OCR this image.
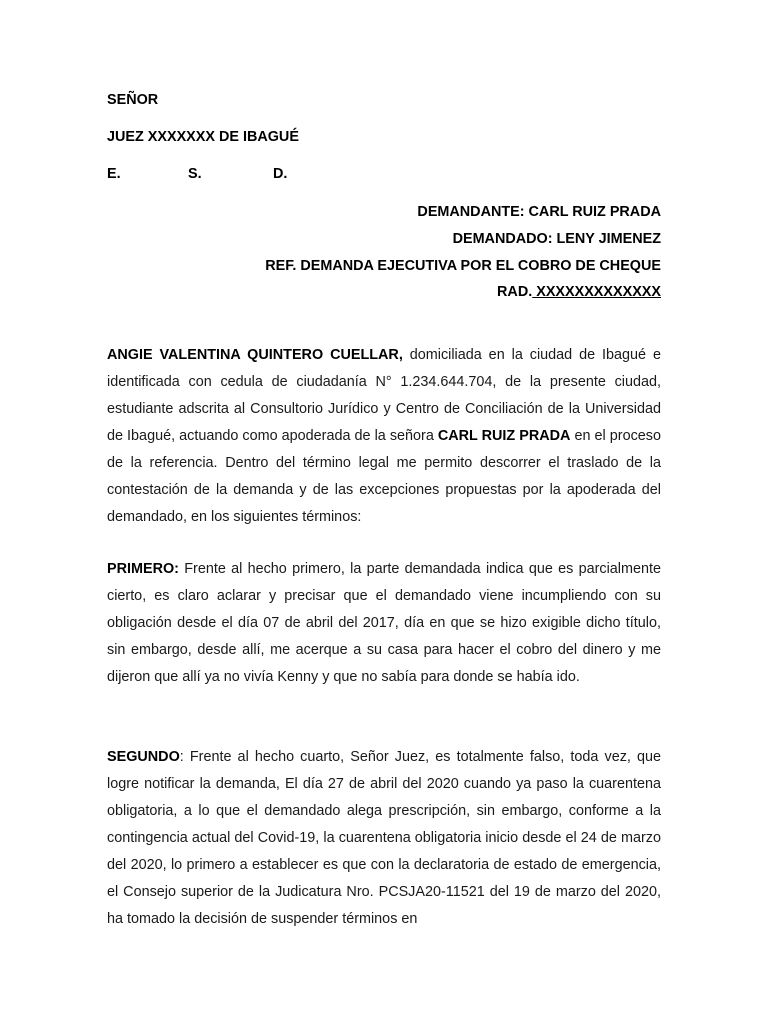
SEÑOR
JUEZ XXXXXXX DE IBAGUÉ
E.	S.	D.
DEMANDANTE: CARL RUIZ PRADA
DEMANDADO: LENY JIMENEZ
REF. DEMANDA EJECUTIVA POR EL COBRO DE CHEQUE
RAD. XXXXXXXXXXXXX
ANGIE VALENTINA QUINTERO CUELLAR, domiciliada en la ciudad de Ibagué e identificada con cedula de ciudadanía N° 1.234.644.704, de la presente ciudad, estudiante adscrita al Consultorio Jurídico y Centro de Conciliación de la Universidad de Ibagué, actuando como apoderada de la señora CARL RUIZ PRADA en el proceso de la referencia. Dentro del término legal me permito descorrer el traslado de la contestación de la demanda y de las excepciones propuestas por la apoderada del demandado, en los siguientes términos:
PRIMERO: Frente al hecho primero, la parte demandada indica que es parcialmente cierto, es claro aclarar y precisar que el demandado viene incumpliendo con su obligación desde el día 07 de abril del 2017, día en que se hizo exigible dicho título, sin embargo, desde allí, me acerque a su casa para hacer el cobro del dinero y me dijeron que allí ya no vivía Kenny y que no sabía para donde se había ido.
SEGUNDO: Frente al hecho cuarto, Señor Juez, es totalmente falso, toda vez, que logre notificar la demanda, El día 27 de abril del 2020 cuando ya paso la cuarentena obligatoria, a lo que el demandado alega prescripción, sin embargo, conforme a la contingencia actual del Covid-19, la cuarentena obligatoria inicio desde el 24 de marzo del 2020, lo primero a establecer es que con la declaratoria de estado de emergencia, el Consejo superior de la Judicatura Nro. PCSJA20-11521 del 19 de marzo del 2020, ha tomado la decisión de suspender términos en
